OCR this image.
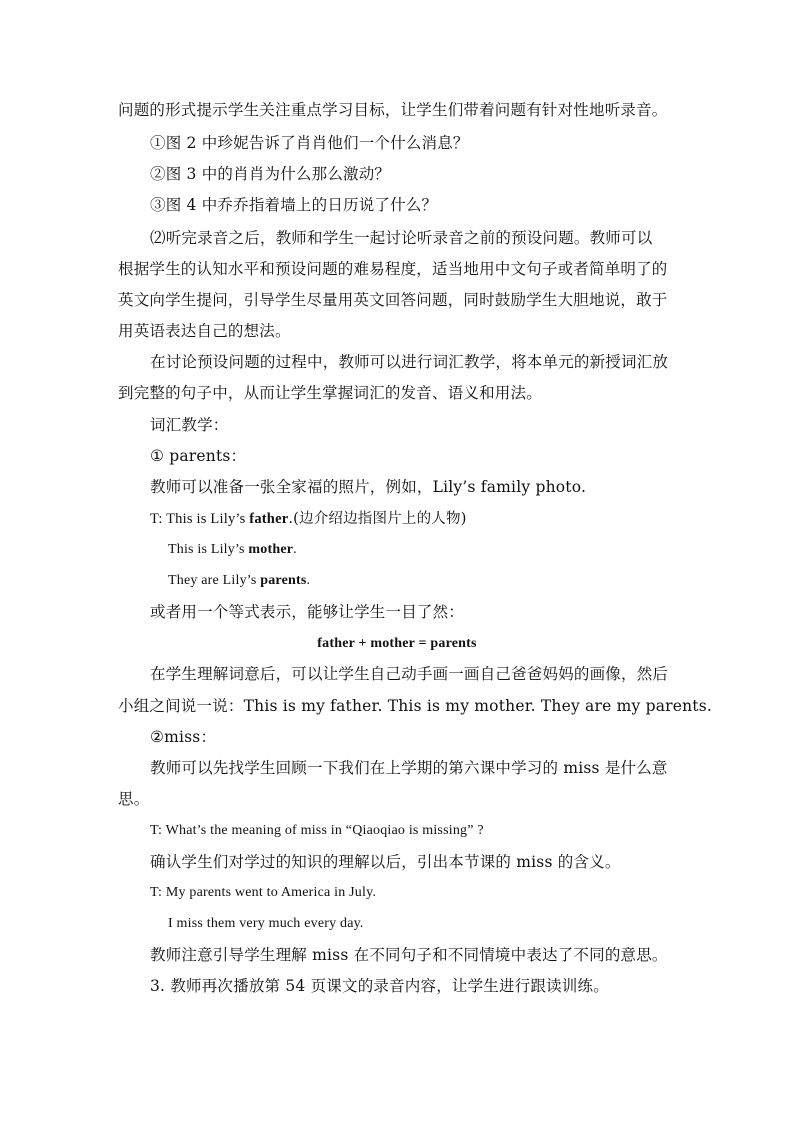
问题的形式提示学生关注重点学习目标，让学生们带着问题有针对性地听录音。
①图 2 中珍妮告诉了肖肖他们一个什么消息？
②图 3 中的肖肖为什么那么激动？
③图 4 中乔乔指着墙上的日历说了什么？
⑵听完录音之后，教师和学生一起讨论听录音之前的预设问题。教师可以
根据学生的认知水平和预设问题的难易程度，适当地用中文句子或者简单明了的
英文向学生提问，引导学生尽量用英文回答问题，同时鼓励学生大胆地说，敢于
用英语表达自己的想法。
在讨论预设问题的过程中，教师可以进行词汇教学，将本单元的新授词汇放
到完整的句子中，从而让学生掌握词汇的发音、语义和用法。
词汇教学：
① parents：
教师可以准备一张全家福的照片，例如，Lily’s family photo.
T: This is Lily’s father.(边介绍边指图片上的人物)
This is Lily’s mother.
They are Lily’s parents.
或者用一个等式表示，能够让学生一目了然：
father + mother = parents
在学生理解词意后，可以让学生自己动手画一画自己爸爸妈妈的画像，然后
小组之间说一说：This is my father. This is my mother. They are my parents.
②miss：
教师可以先找学生回顾一下我们在上学期的第六课中学习的 miss 是什么意
思。
T: What’s the meaning of miss in “Qiaoqiao is missing” ?
确认学生们对学过的知识的理解以后，引出本节课的 miss 的含义。
T: My parents went to America in July.
I miss them very much every day.
教师注意引导学生理解 miss 在不同句子和不同情境中表达了不同的意思。
3. 教师再次播放第 54 页课文的录音内容，让学生进行跟读训练。
